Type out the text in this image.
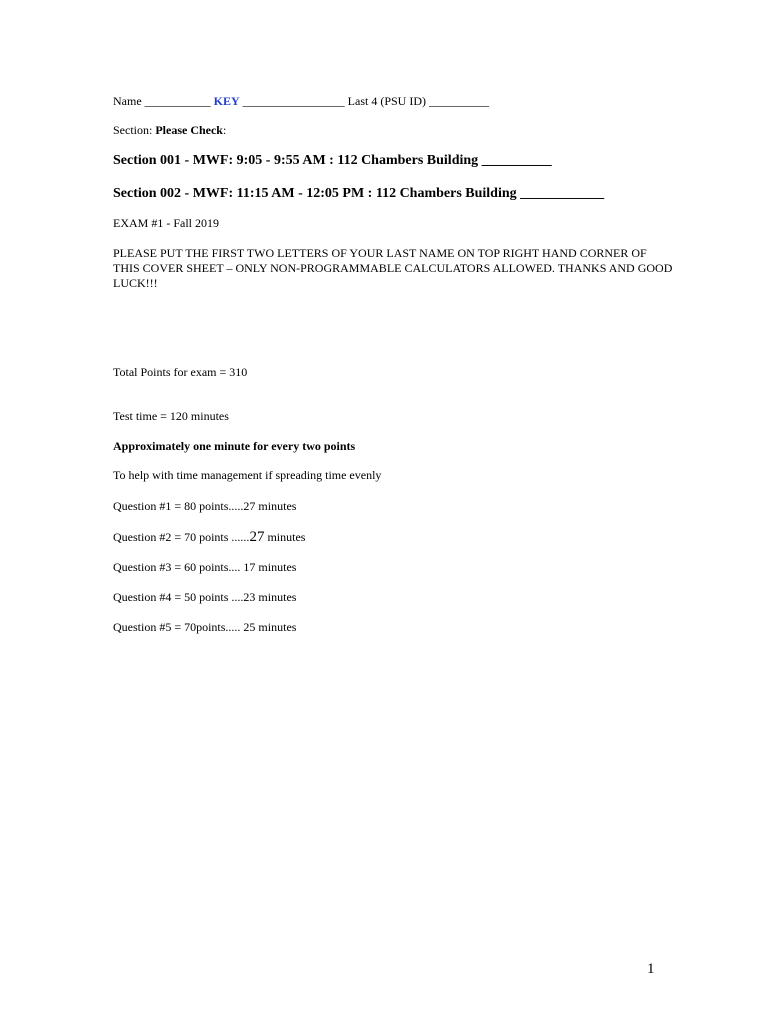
Name ___________ KEY _________________ Last 4 (PSU ID) __________
Section: Please Check:
Section 001 - MWF: 9:05 - 9:55 AM : 112 Chambers Building __________
Section 002 - MWF: 11:15 AM - 12:05 PM : 112 Chambers Building ____________
EXAM #1 - Fall 2019
PLEASE PUT THE FIRST TWO LETTERS OF YOUR LAST NAME ON TOP RIGHT HAND CORNER OF THIS COVER SHEET – ONLY NON-PROGRAMMABLE CALCULATORS ALLOWED. THANKS AND GOOD LUCK!!!
Total Points for exam = 310
Test time = 120 minutes
Approximately one minute for every two points
To help with time management if spreading time evenly
Question #1 = 80 points.....27 minutes
Question #2 = 70 points ......27 minutes
Question #3 = 60 points.... 17 minutes
Question #4 = 50 points ....23 minutes
Question #5 = 70points..... 25 minutes
1
